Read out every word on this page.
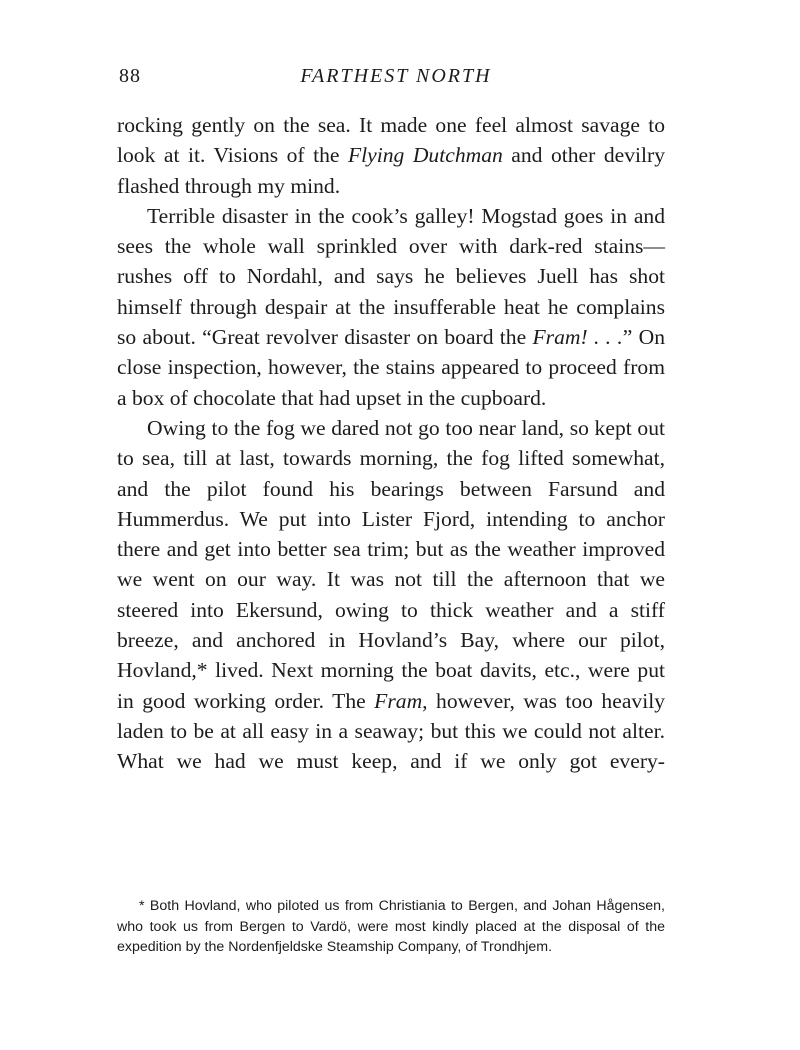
88	FARTHEST NORTH

rocking gently on the sea. It made one feel almost savage to look at it. Visions of the Flying Dutchman and other devilry flashed through my mind.

Terrible disaster in the cook’s galley! Mogstad goes in and sees the whole wall sprinkled over with dark-red stains—rushes off to Nordahl, and says he believes Juell has shot himself through despair at the insufferable heat he complains so about. “Great revolver disaster on board the Fram! . . .” On close inspection, however, the stains appeared to proceed from a box of chocolate that had upset in the cupboard.

Owing to the fog we dared not go too near land, so kept out to sea, till at last, towards morning, the fog lifted somewhat, and the pilot found his bearings between Farsund and Hummerdus. We put into Lister Fjord, intending to anchor there and get into better sea trim; but as the weather improved we went on our way. It was not till the afternoon that we steered into Ekersund, owing to thick weather and a stiff breeze, and anchored in Hovland’s Bay, where our pilot, Hovland,* lived. Next morning the boat davits, etc., were put in good working order. The Fram, however, was too heavily laden to be at all easy in a seaway; but this we could not alter. What we had we must keep, and if we only got every-

* Both Hovland, who piloted us from Christiania to Bergen, and Johan Hågensen, who took us from Bergen to Vardö, were most kindly placed at the disposal of the expedition by the Nordenfjeldske Steamship Company, of Trondhjem.
